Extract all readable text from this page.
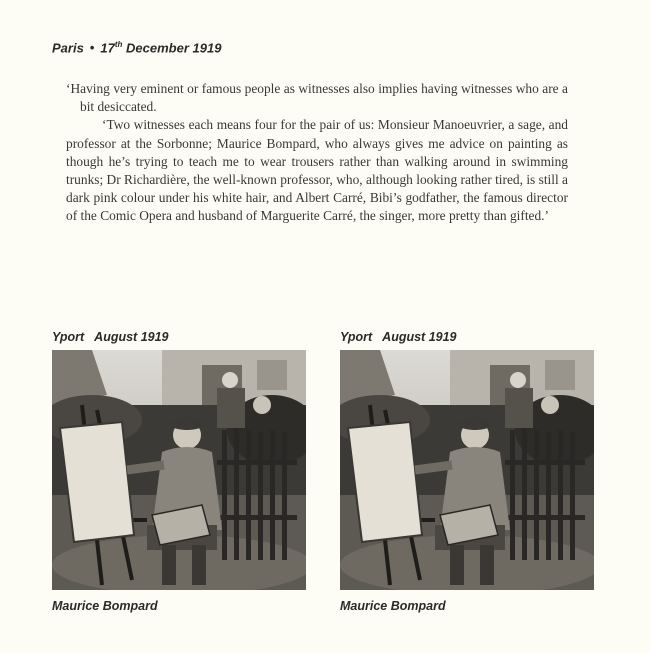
Paris • 17th December 1919

‘Having very eminent or famous people as witnesses also implies having witnesses who are a bit desiccated.

‘Two witnesses each means four for the pair of us: Monsieur Manoeuvrier, a sage, and professor at the Sorbonne; Maurice Bompard, who always gives me advice on painting as though he’s trying to teach me to wear trousers rather than walking around in swimming trunks; Dr Richardière, the well-known professor, who, although looking rather tired, is still a dark pink colour under his white hair, and Albert Carré, Bibi’s godfather, the famous director of the Comic Opera and husband of Marguerite Carré, the singer, more pretty than gifted.’

Yport August 1919
Maurice Bompard
Yport August 1919
Maurice Bompard
